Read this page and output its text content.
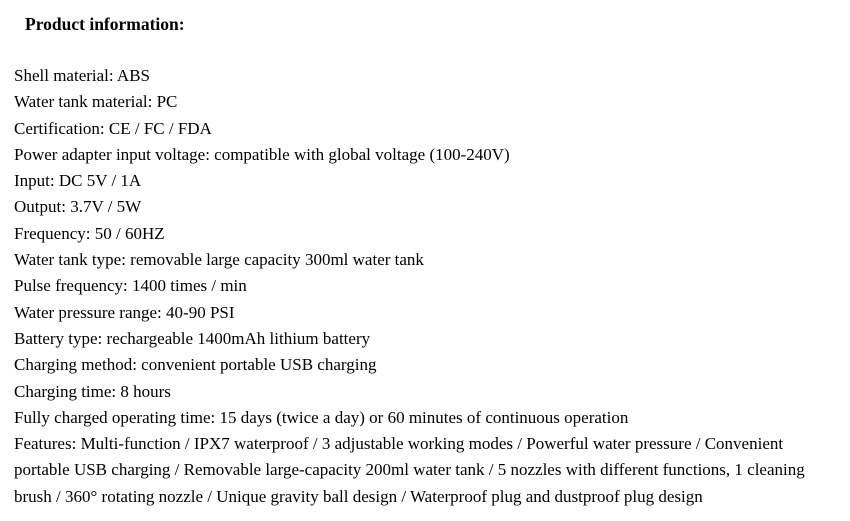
Product information:
Shell material: ABS
Water tank material: PC
Certification: CE / FC / FDA
Power adapter input voltage: compatible with global voltage (100-240V)
Input: DC 5V / 1A
Output: 3.7V / 5W
Frequency: 50 / 60HZ
Water tank type: removable large capacity 300ml water tank
Pulse frequency: 1400 times / min
Water pressure range: 40-90 PSI
Battery type: rechargeable 1400mAh lithium battery
Charging method: convenient portable USB charging
Charging time: 8 hours
Fully charged operating time: 15 days (twice a day) or 60 minutes of continuous operation
Features: Multi-function / IPX7 waterproof / 3 adjustable working modes / Powerful water pressure / Convenient portable USB charging / Removable large-capacity 200ml water tank / 5 nozzles with different functions, 1 cleaning brush / 360° rotating nozzle / Unique gravity ball design / Waterproof plug and dustproof plug design
